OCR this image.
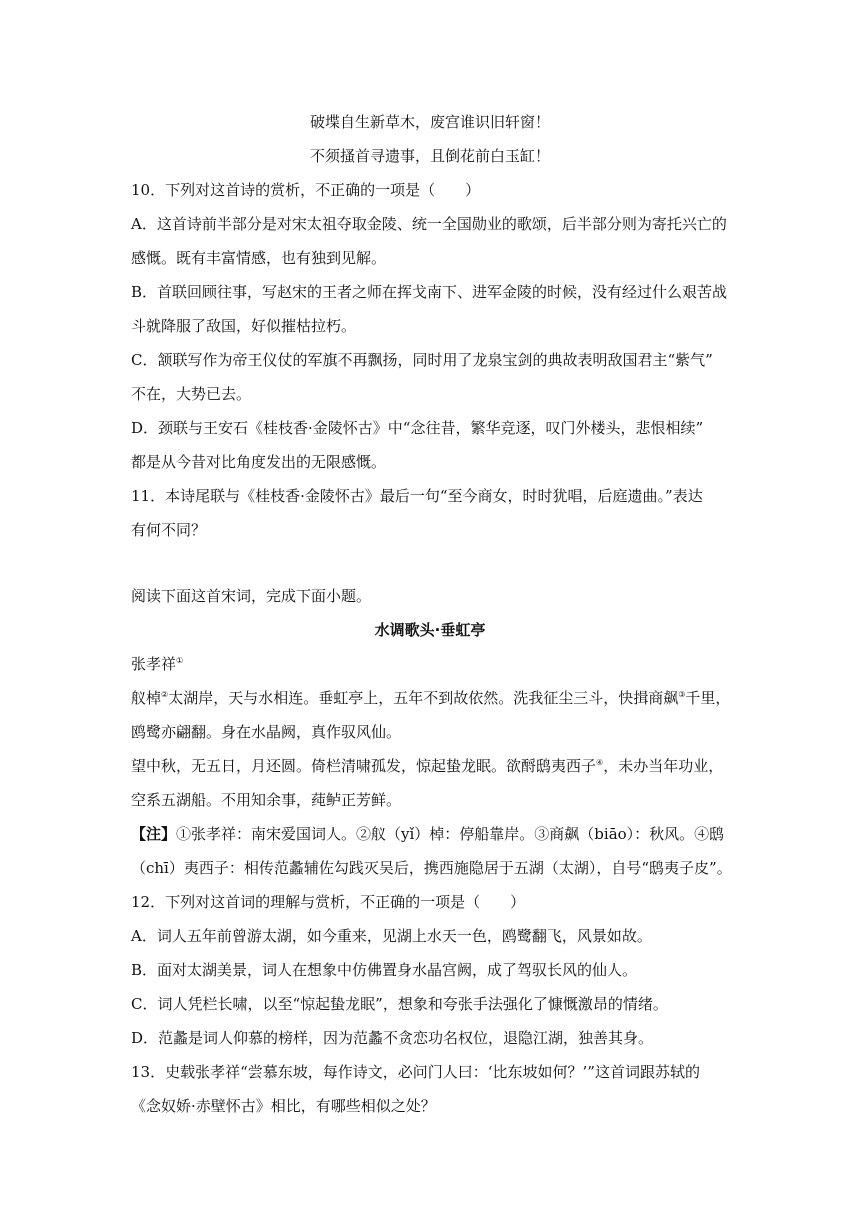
破堞自生新草木，废宫谁识旧轩窗！
不须搔首寻遗事，且倒花前白玉缸！
10．下列对这首诗的赏析，不正确的一项是（　　）
A．这首诗前半部分是对宋太祖夺取金陵、统一全国勋业的歌颂，后半部分则为寄托兴亡的
感慨。既有丰富情感，也有独到见解。
B．首联回顾往事，写赵宋的王者之师在挥戈南下、进军金陵的时候，没有经过什么艰苦战
斗就降服了敌国，好似摧枯拉朽。
C．颔联写作为帝王仪仗的军旗不再飘扬，同时用了龙泉宝剑的典故表明敌国君主“紫气”
不在，大势已去。
D．颈联与王安石《桂枝香·金陵怀古》中“念往昔，繁华竞逐，叹门外楼头，悲恨相续”
都是从今昔对比角度发出的无限感慨。
11．本诗尾联与《桂枝香·金陵怀古》最后一句“至今商女，时时犹唱，后庭遗曲。”表达
有何不同？
阅读下面这首宋词，完成下面小题。
水调歌头·垂虹亭
张孝祥①
舣棹②太湖岸，天与水相连。垂虹亭上，五年不到故依然。洗我征尘三斗，快揖商飙③千里，
鸥鹭亦翩翻。身在水晶阙，真作驭风仙。
望中秋，无五日，月还圆。倚栏清啸孤发，惊起蛰龙眠。欲酹鸱夷西子④，未办当年功业，
空系五湖船。不用知余事，莼鲈正芳鲜。
【注】①张孝祥：南宋爱国词人。②舣（yǐ）棹：停船靠岸。③商飙（biāo）：秋风。④鸱
（chī）夷西子：相传范蠡辅佐勾践灭吴后，携西施隐居于五湖（太湖），自号“鸱夷子皮”。
12．下列对这首词的理解与赏析，不正确的一项是（　　）
A．词人五年前曾游太湖，如今重来，见湖上水天一色，鸥鹭翻飞，风景如故。
B．面对太湖美景，词人在想象中仿佛置身水晶宫阙，成了驾驭长风的仙人。
C．词人凭栏长啸，以至“惊起蛰龙眠”，想象和夸张手法强化了慷慨激昂的情绪。
D．范蠡是词人仰慕的榜样，因为范蠡不贪恋功名权位，退隐江湖，独善其身。
13．史载张孝祥“尝慕东坡，每作诗文，必问门人曰：‘比东坡如何？’”这首词跟苏轼的
《念奴娇·赤壁怀古》相比，有哪些相似之处？
